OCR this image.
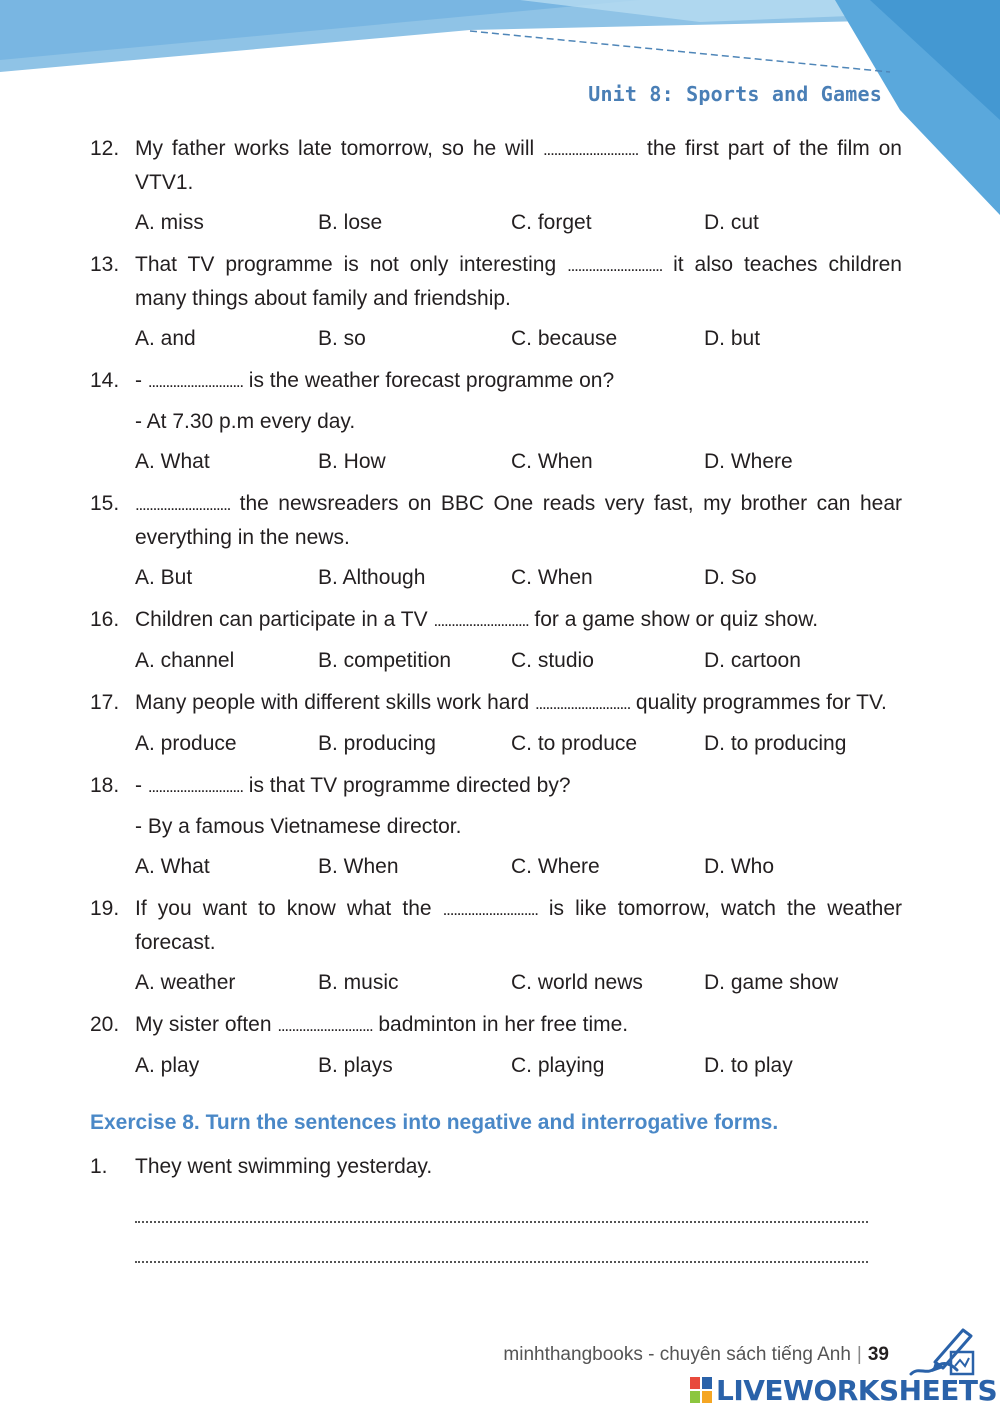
Unit 8: Sports and Games
12. My father works late tomorrow, so he will ........................... the first part of the film on VTV1.
A. miss	B. lose	C. forget	D. cut
13. That TV programme is not only interesting ........................... it also teaches children many things about family and friendship.
A. and	B. so	C. because	D. but
14. - ........................... is the weather forecast programme on?
- At 7.30 p.m every day.
A. What	B. How	C. When	D. Where
15. ........................... the newsreaders on BBC One reads very fast, my brother can hear everything in the news.
A. But	B. Although	C. When	D. So
16. Children can participate in a TV ........................... for a game show or quiz show.
A. channel	B. competition	C. studio	D. cartoon
17. Many people with different skills work hard ........................... quality programmes for TV.
A. produce	B. producing	C. to produce	D. to producing
18. - ........................... is that TV programme directed by?
- By a famous Vietnamese director.
A. What	B. When	C. Where	D. Who
19. If you want to know what the ........................... is like tomorrow, watch the weather forecast.
A. weather	B. music	C. world news	D. game show
20. My sister often ........................... badminton in her free time.
A. play	B. plays	C. playing	D. to play
Exercise 8. Turn the sentences into negative and interrogative forms.
1.	They went swimming yesterday.
minhthangbooks - chuyên sách tiếng Anh | 39
LIVEWORKSHEETS
